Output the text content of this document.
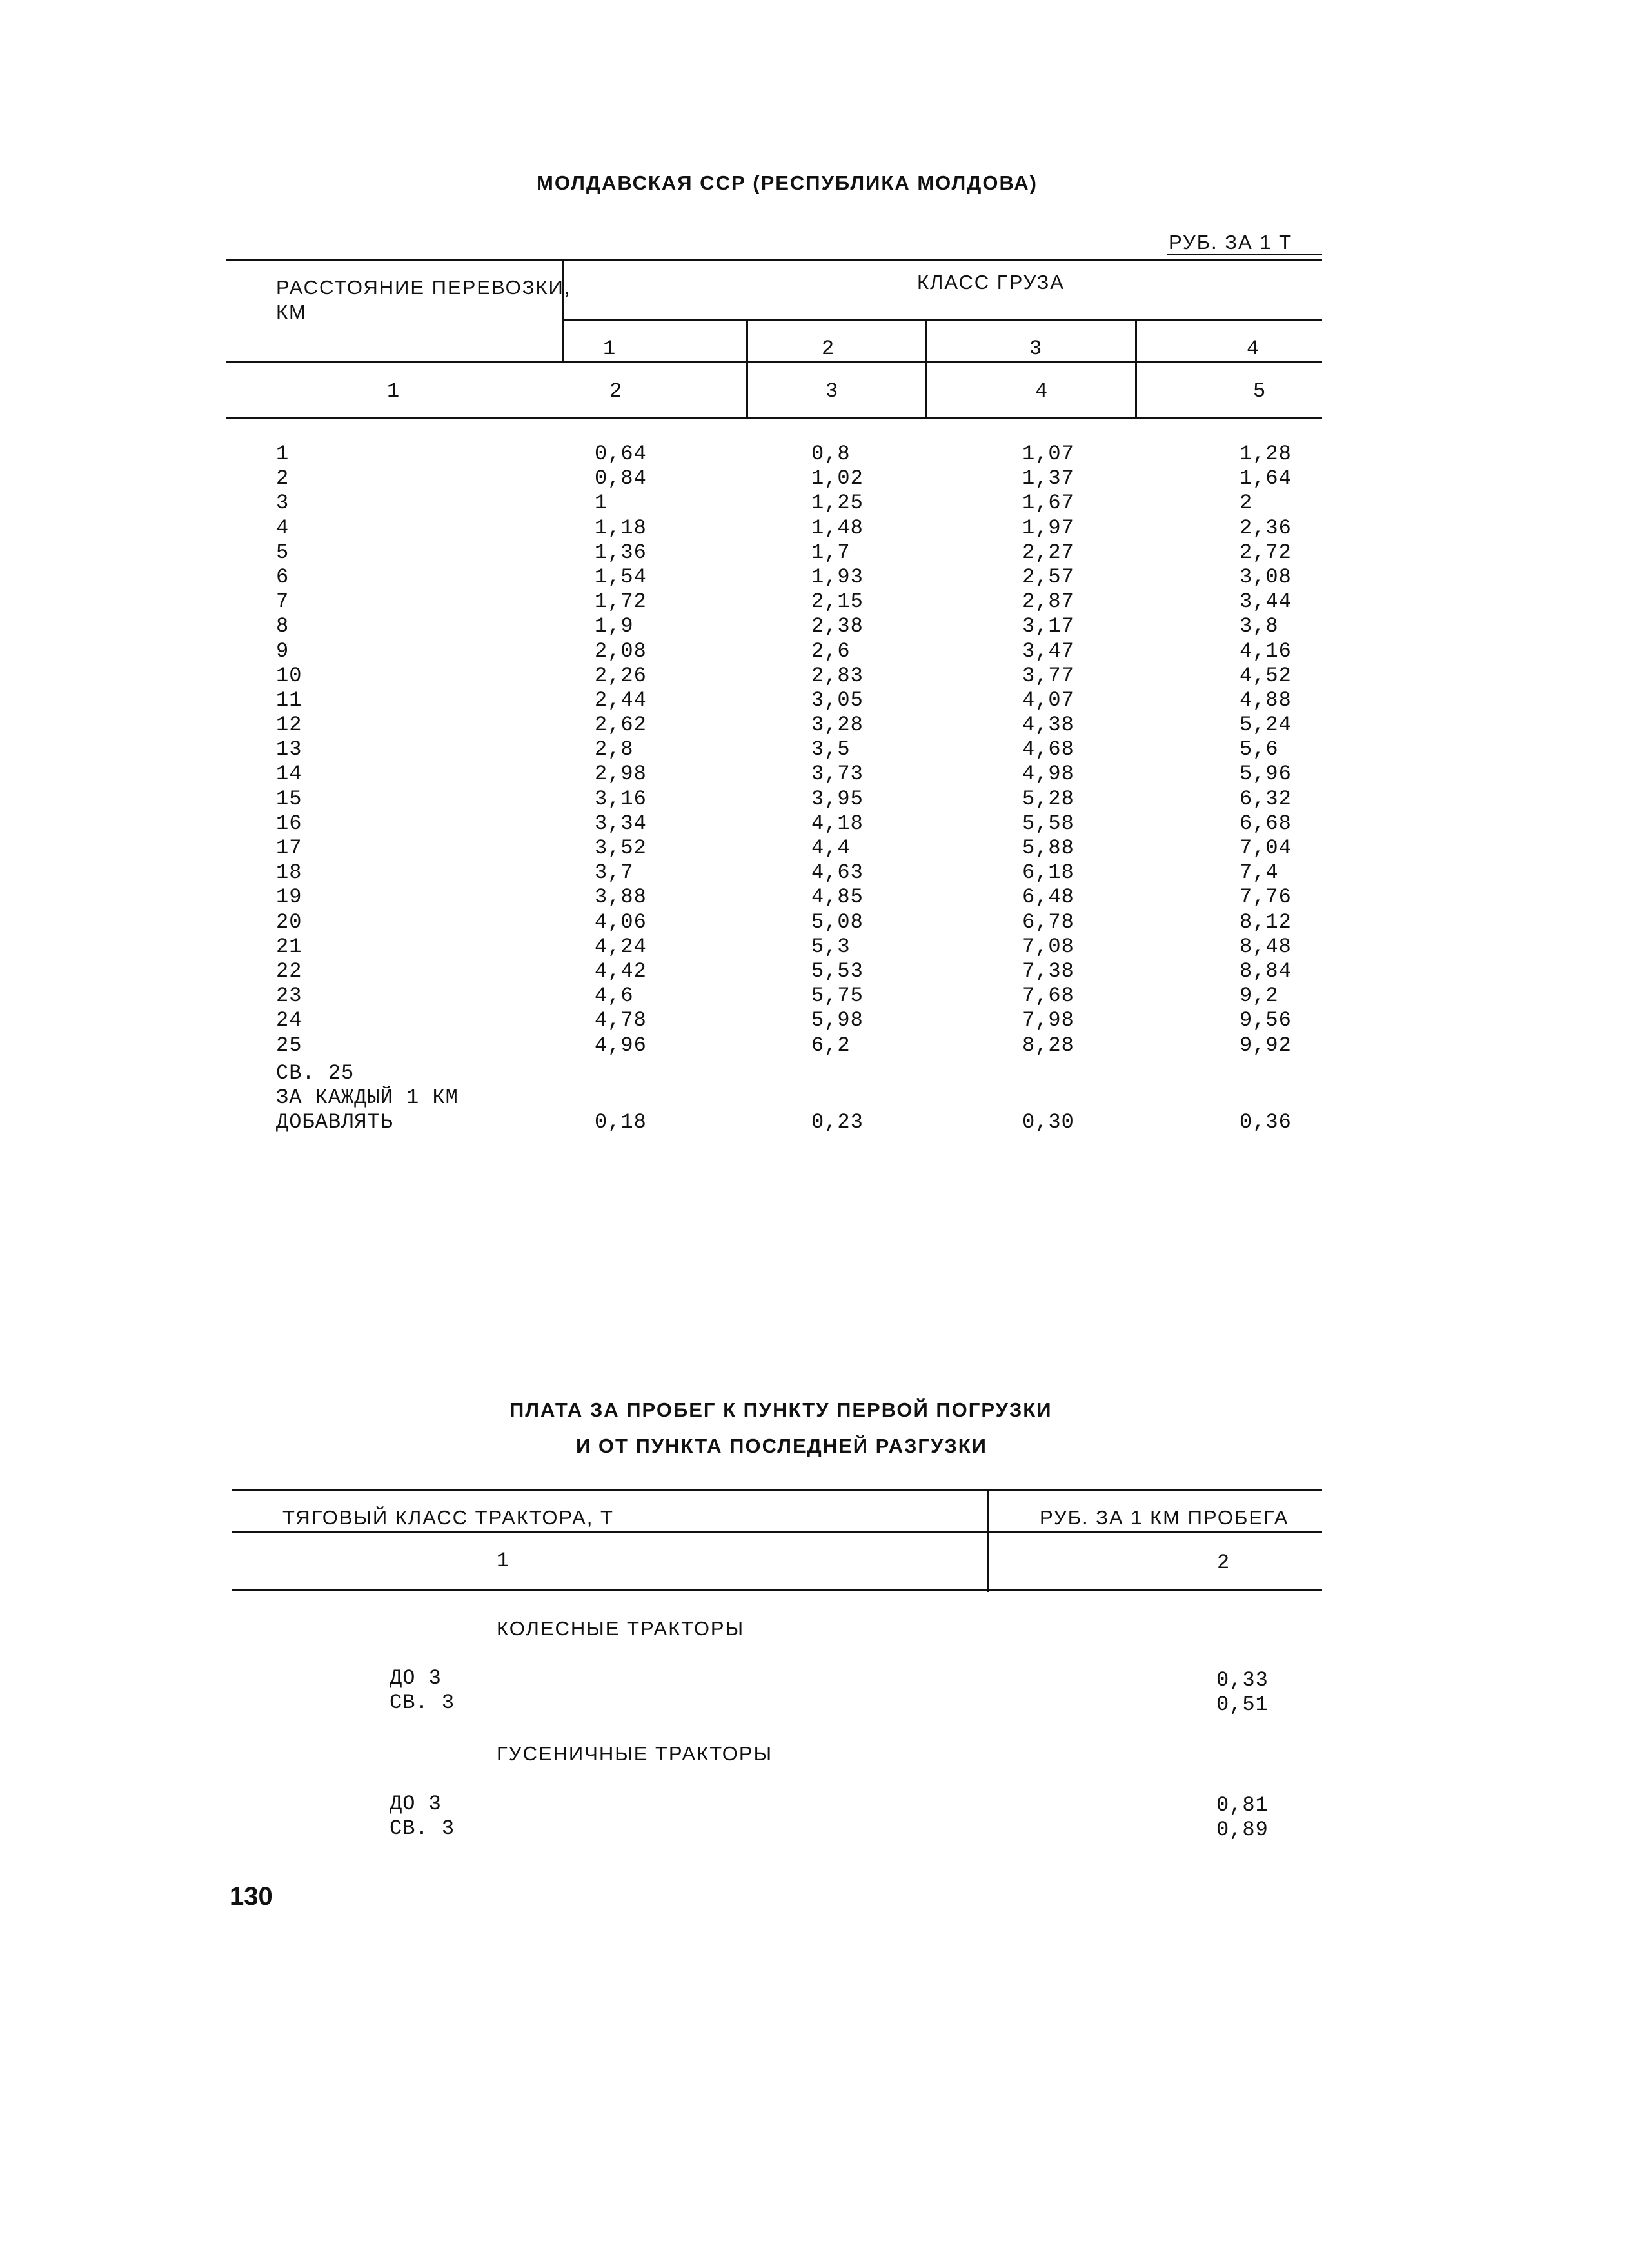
МОЛДАВСКАЯ ССР (РЕСПУБЛИКА МОЛДОВА)
РУБ. ЗА 1 Т
РАССТОЯНИЕ ПЕРЕВОЗКИ,
КМ
КЛАСС ГРУЗА
1	2	3	4
1	2	3	4	5
1	0,64	0,8	1,07	1,28
2	0,84	1,02	1,37	1,64
3	1	1,25	1,67	2
4	1,18	1,48	1,97	2,36
5	1,36	1,7	2,27	2,72
6	1,54	1,93	2,57	3,08
7	1,72	2,15	2,87	3,44
8	1,9	2,38	3,17	3,8
9	2,08	2,6	3,47	4,16
10	2,26	2,83	3,77	4,52
11	2,44	3,05	4,07	4,88
12	2,62	3,28	4,38	5,24
13	2,8	3,5	4,68	5,6
14	2,98	3,73	4,98	5,96
15	3,16	3,95	5,28	6,32
16	3,34	4,18	5,58	6,68
17	3,52	4,4	5,88	7,04
18	3,7	4,63	6,18	7,4
19	3,88	4,85	6,48	7,76
20	4,06	5,08	6,78	8,12
21	4,24	5,3	7,08	8,48
22	4,42	5,53	7,38	8,84
23	4,6	5,75	7,68	9,2
24	4,78	5,98	7,98	9,56
25	4,96	6,2	8,28	9,92
СВ. 25
ЗА КАЖДЫЙ 1 КМ
ДОБАВЛЯТЬ	0,18	0,23	0,30	0,36
ПЛАТА ЗА ПРОБЕГ К ПУНКТУ ПЕРВОЙ ПОГРУЗКИ
И ОТ ПУНКТА ПОСЛЕДНЕЙ РАЗГУЗКИ
ТЯГОВЫЙ КЛАСС ТРАКТОРА, Т	РУБ. ЗА 1 КМ ПРОБЕГА
1	2
КОЛЕСНЫЕ ТРАКТОРЫ
ДО 3	0,33
СВ. 3	0,51
ГУСЕНИЧНЫЕ ТРАКТОРЫ
ДО 3	0,81
СВ. 3	0,89
130
